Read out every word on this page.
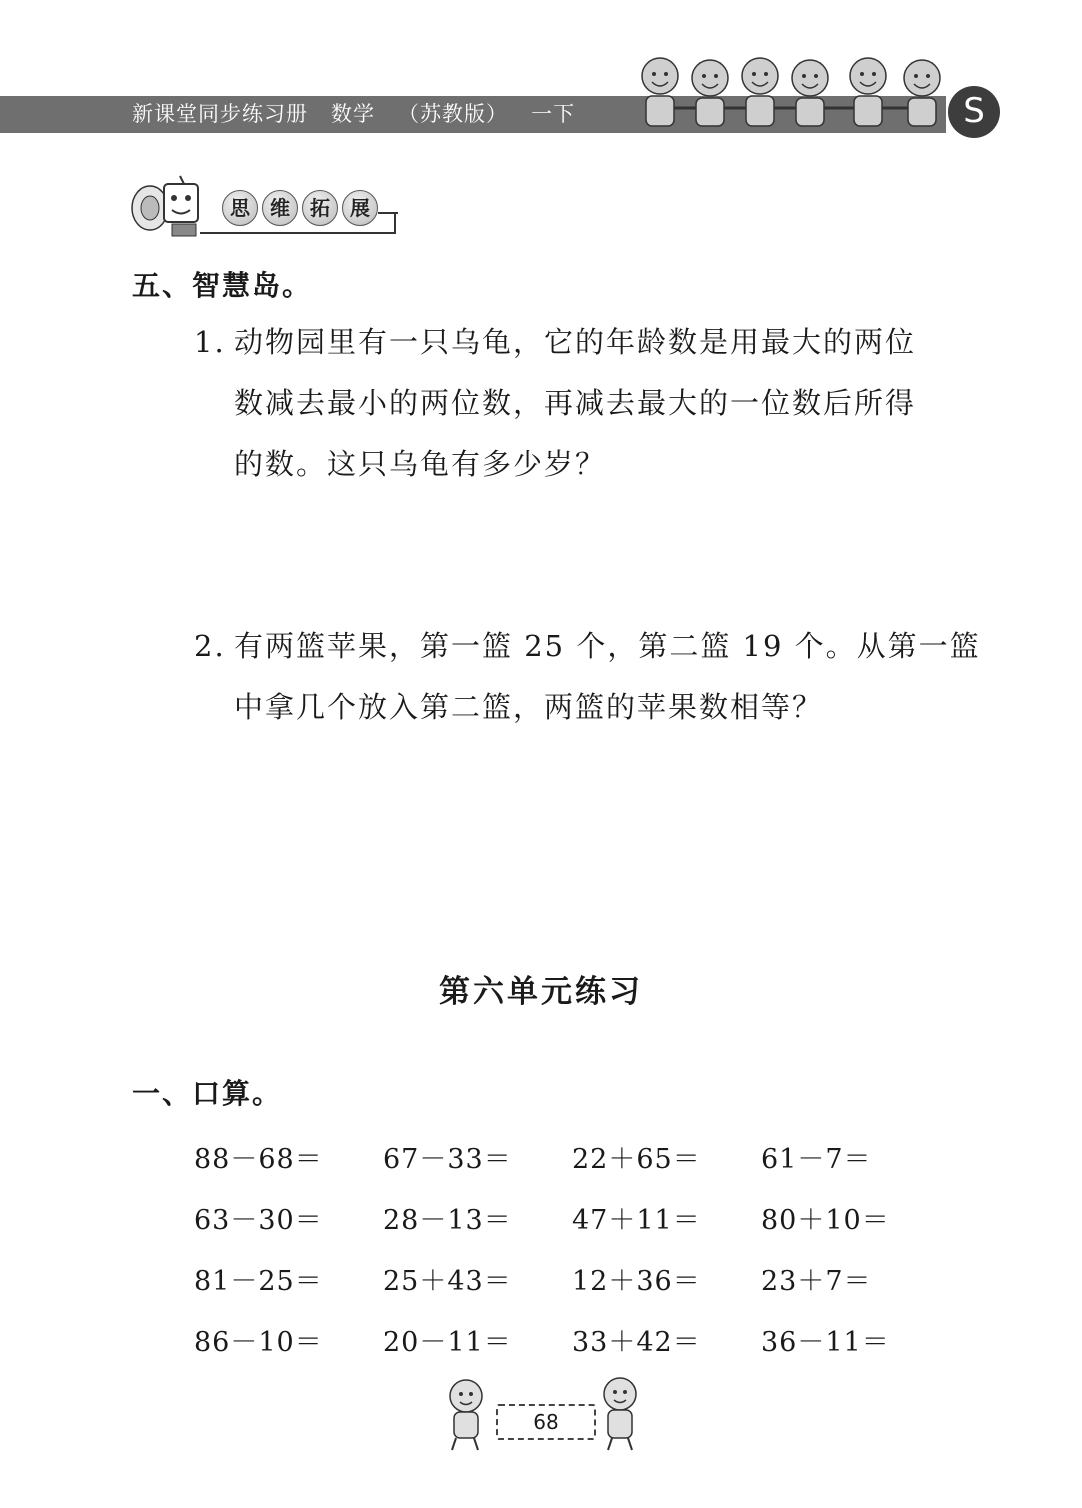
新课堂同步练习册   数学   （苏教版）   一下	S
思	维	拓	展
五、智慧岛。
1. 动物园里有一只乌龟，它的年龄数是用最大的两位
数减去最小的两位数，再减去最大的一位数后所得
的数。这只乌龟有多少岁？
2. 有两篮苹果，第一篮 25 个，第二篮 19 个。从第一篮
中拿几个放入第二篮，两篮的苹果数相等？
第六单元练习
一、口算。
88－68＝	67－33＝	22＋65＝	61－7＝
63－30＝	28－13＝	47＋11＝	80＋10＝
81－25＝	25＋43＝	12＋36＝	23＋7＝
86－10＝	20－11＝	33＋42＝	36－11＝
68
